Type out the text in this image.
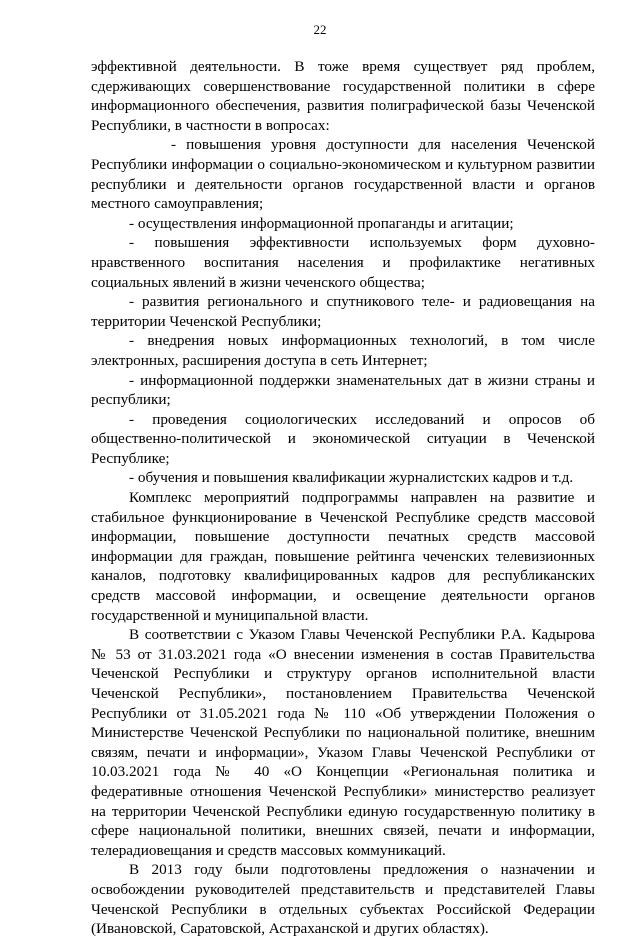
22

эффективной деятельности. В тоже время существует ряд проблем, сдерживающих совершенствование государственной политики в сфере информационного обеспечения, развития полиграфической базы Чеченской Республики, в частности в вопросах:

- повышения уровня доступности для населения Чеченской Республики информации о социально-экономическом и культурном развитии республики и деятельности органов государственной власти и органов местного самоуправления;

- осуществления информационной пропаганды и агитации;

- повышения эффективности используемых форм духовно-нравственного воспитания населения и профилактике негативных социальных явлений в жизни чеченского общества;

- развития регионального и спутникового теле- и радиовещания на территории Чеченской Республики;

- внедрения новых информационных технологий, в том числе электронных, расширения доступа в сеть Интернет;

- информационной поддержки знаменательных дат в жизни страны и республики;

- проведения социологических исследований и опросов об общественно-политической и экономической ситуации в Чеченской Республике;

- обучения и повышения квалификации журналистских кадров и т.д.

Комплекс мероприятий подпрограммы направлен на развитие и стабильное функционирование в Чеченской Республике средств массовой информации, повышение доступности печатных средств массовой информации для граждан, повышение рейтинга чеченских телевизионных каналов, подготовку квалифицированных кадров для республиканских средств массовой информации, и освещение деятельности органов государственной и муниципальной власти.

В соответствии с Указом Главы Чеченской Республики Р.А. Кадырова № 53 от 31.03.2021 года «О внесении изменения в состав Правительства Чеченской Республики и структуру органов исполнительной власти Чеченской Республики», постановлением Правительства Чеченской Республики от 31.05.2021 года № 110 «Об утверждении Положения о Министерстве Чеченской Республики по национальной политике, внешним связям, печати и информации», Указом Главы Чеченской Республики от 10.03.2021 года № 40 «О Концепции «Региональная политика и федеративные отношения Чеченской Республики» министерство реализует на территории Чеченской Республики единую государственную политику в сфере национальной политики, внешних связей, печати и информации, телерадиовещания и средств массовых коммуникаций.

В 2013 году были подготовлены предложения о назначении и освобождении руководителей представительств и представителей Главы Чеченской Республики в отдельных субъектах Российской Федерации (Ивановской, Саратовской, Астраханской и других областях).
